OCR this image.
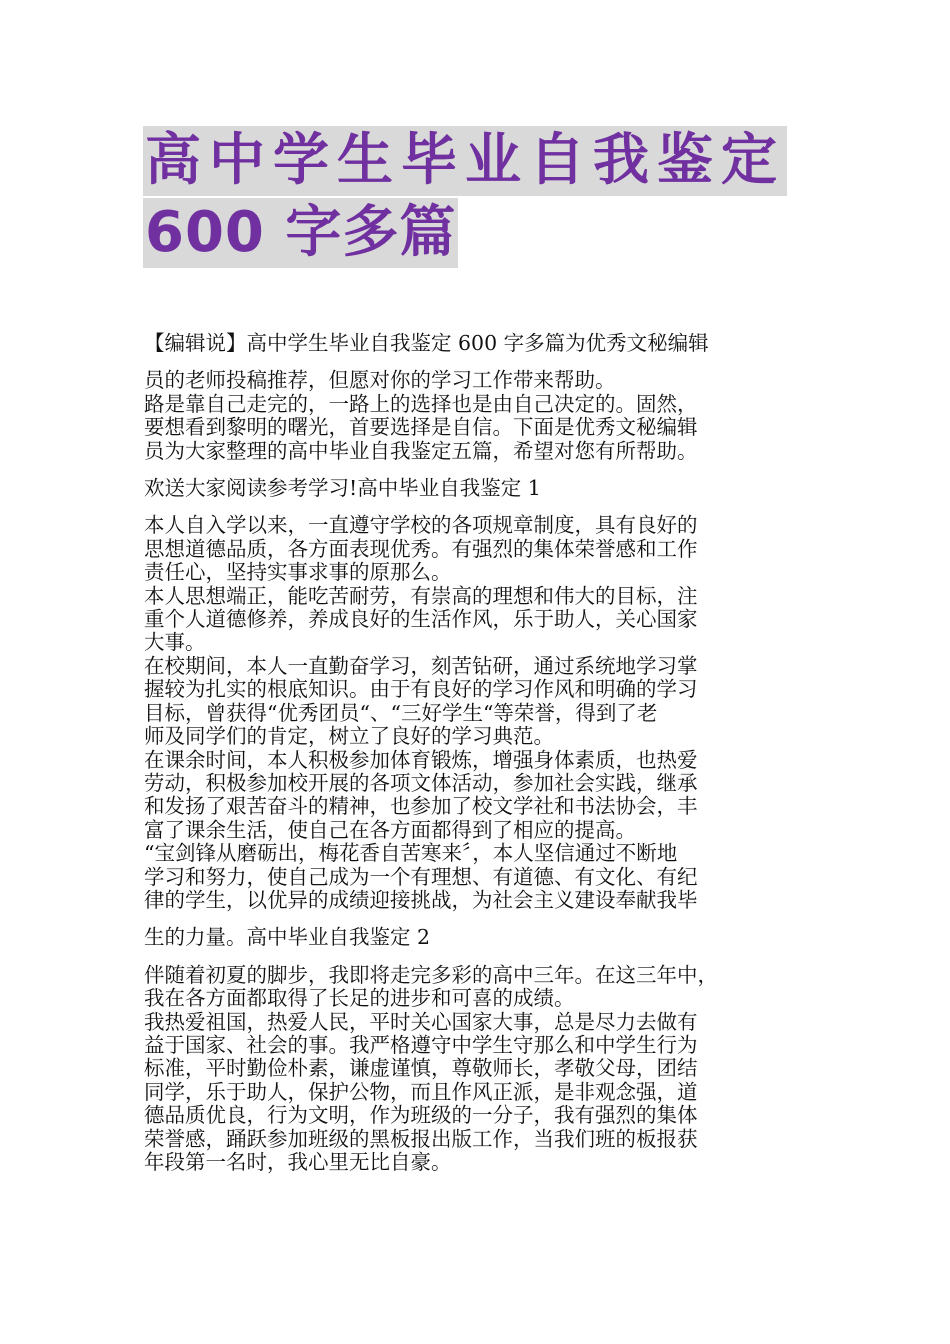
高中学生毕业自我鉴定
600 字多篇

【编辑说】高中学生毕业自我鉴定 600 字多篇为优秀文秘编辑

员的老师投稿推荐，但愿对你的学习工作带来帮助。

路是靠自己走完的，一路上的选择也是由自己决定的。固然，

要想看到黎明的曙光，首要选择是自信。下面是优秀文秘编辑

员为大家整理的高中毕业自我鉴定五篇，希望对您有所帮助。

欢送大家阅读参考学习!高中毕业自我鉴定 1

本人自入学以来，一直遵守学校的各项规章制度，具有良好的

思想道德品质，各方面表现优秀。有强烈的集体荣誉感和工作

责任心，坚持实事求事的原那么。

本人思想端正，能吃苦耐劳，有崇高的理想和伟大的目标，注

重个人道德修养，养成良好的生活作风，乐于助人，关心国家

大事。

在校期间，本人一直勤奋学习，刻苦钻研，通过系统地学习掌

握较为扎实的根底知识。由于有良好的学习作风和明确的学习

目标，曾获得“优秀团员“、“三好学生“等荣誉，得到了老

师及同学们的肯定，树立了良好的学习典范。

在课余时间，本人积极参加体育锻炼，增强身体素质，也热爱

劳动，积极参加校开展的各项文体活动，参加社会实践，继承

和发扬了艰苦奋斗的精神，也参加了校文学社和书法协会，丰

富了课余生活，使自己在各方面都得到了相应的提高。

“宝剑锋从磨砺出，梅花香自苦寒来〞，本人坚信通过不断地

学习和努力，使自己成为一个有理想、有道德、有文化、有纪

律的学生，以优异的成绩迎接挑战，为社会主义建设奉献我毕

生的力量。高中毕业自我鉴定 2

伴随着初夏的脚步，我即将走完多彩的高中三年。在这三年中，

我在各方面都取得了长足的进步和可喜的成绩。

我热爱祖国，热爱人民，平时关心国家大事，总是尽力去做有

益于国家、社会的事。我严格遵守中学生守那么和中学生行为

标准，平时勤俭朴素，谦虚谨慎，尊敬师长，孝敬父母，团结

同学，乐于助人，保护公物，而且作风正派，是非观念强，道

德品质优良，行为文明，作为班级的一分子，我有强烈的集体

荣誉感，踊跃参加班级的黑板报出版工作，当我们班的板报获

年段第一名时，我心里无比自豪。
